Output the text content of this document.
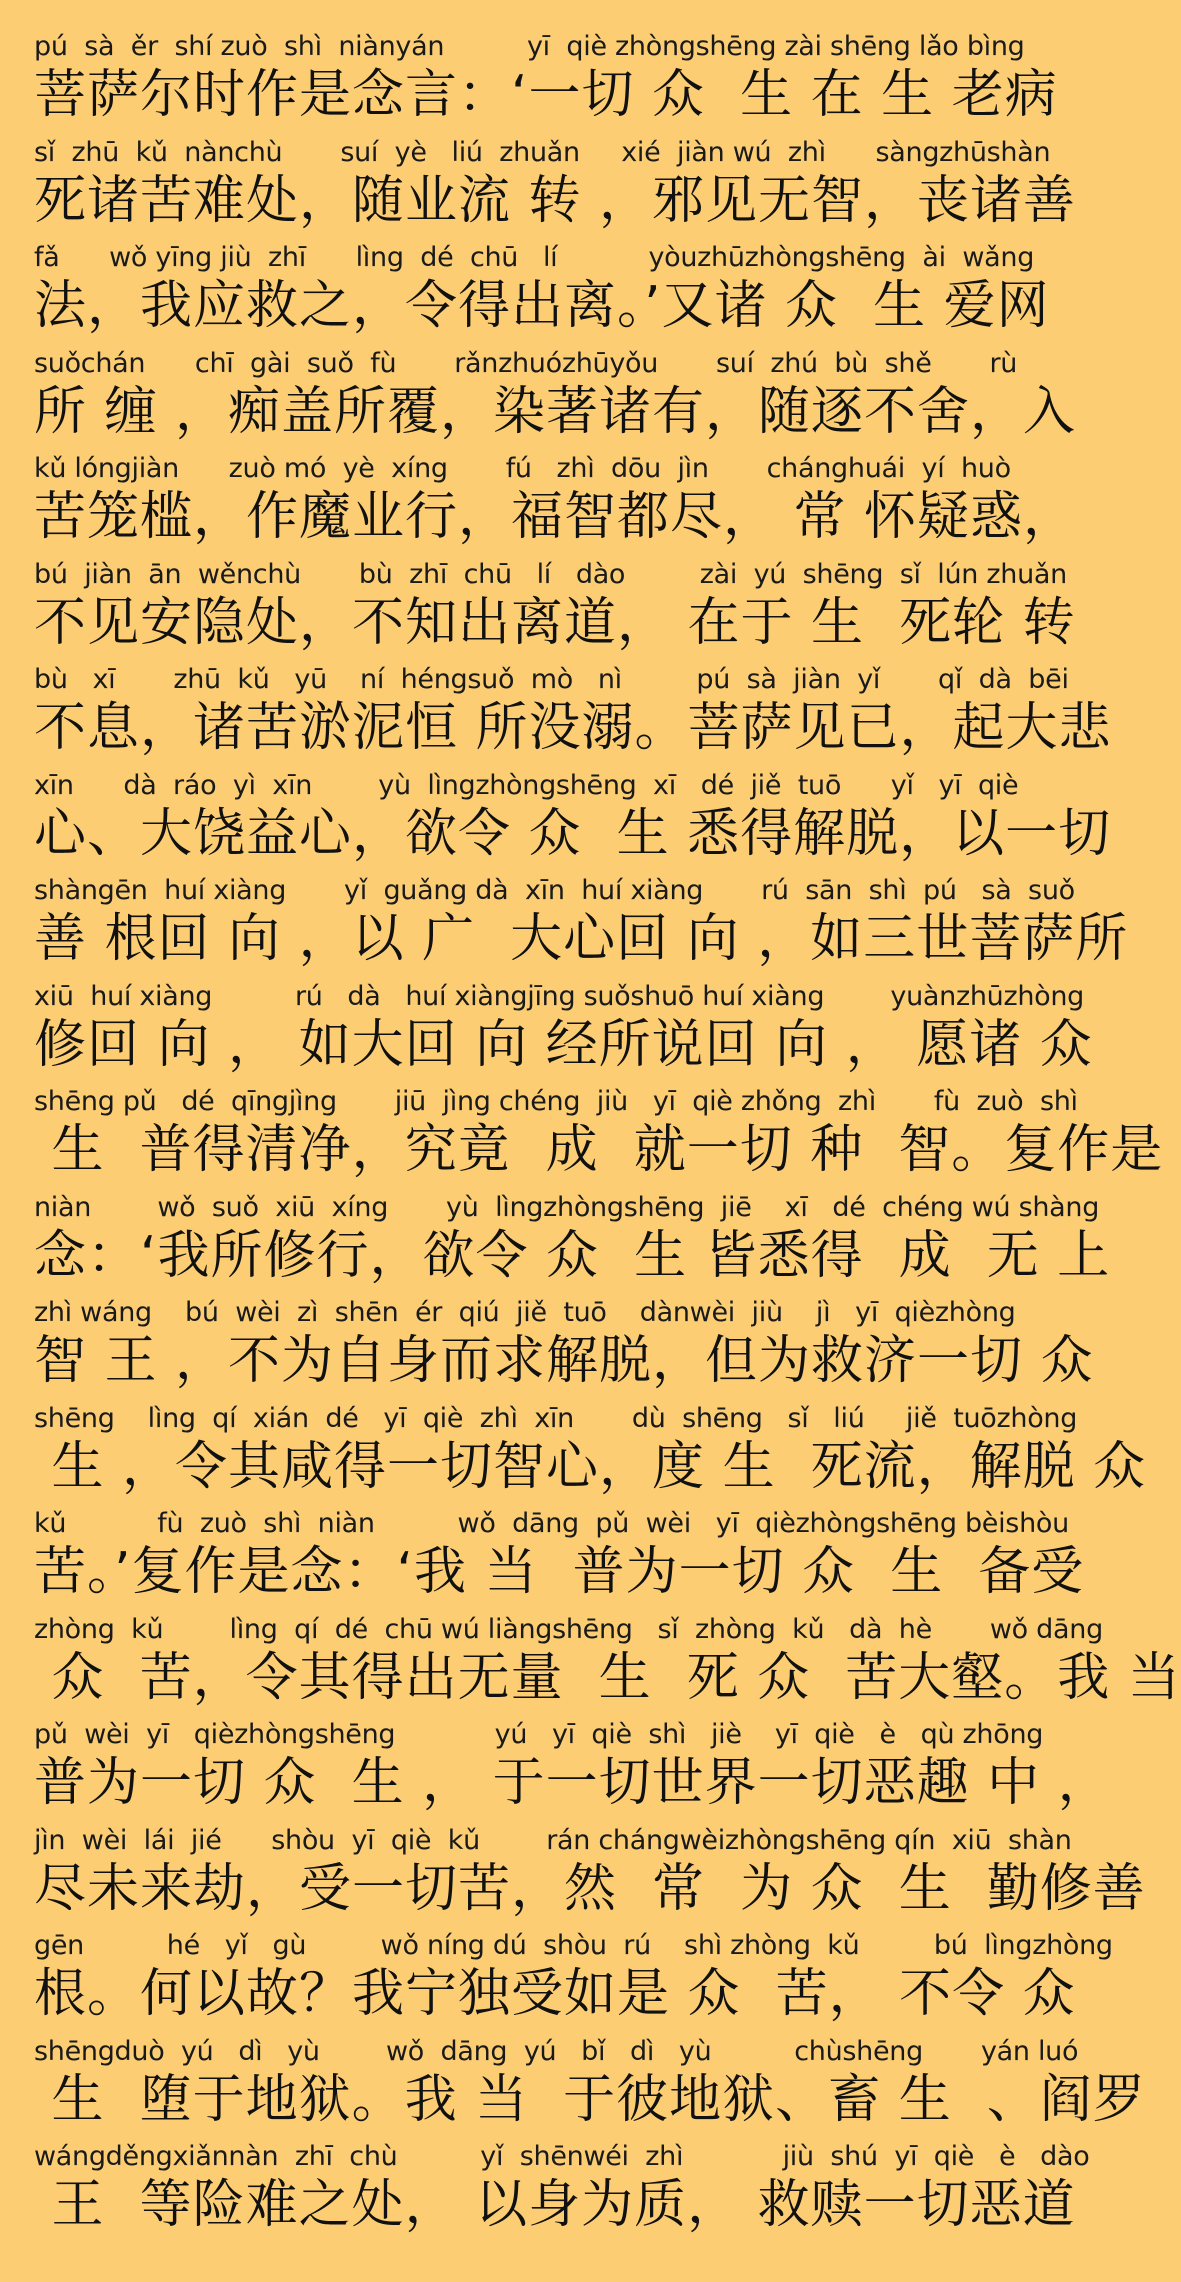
pú  sà  ěr  shí zuò  shì  niànyán          yī  qiè zhòngshēng zài shēng lǎo bìng
菩萨尔时作是念言：‘一切 众  生 在 生 老病
sǐ  zhū  kǔ  nànchù       suí  yè   liú  zhuǎn     xié  jiàn wú  zhì      sàngzhūshàn
死诸苦难处，随业流 转 ，邪见无智，丧诸善
fǎ      wǒ yīng jiù  zhī      lìng  dé  chū   lí           yòuzhūzhòngshēng  ài  wǎng
法，我应救之，令得出离。’又诸 众  生 爱网
suǒchán      chī  gài  suǒ  fù       rǎnzhuózhūyǒu       suí  zhú  bù  shě       rù
所 缠 ，痴盖所覆，染著诸有，随逐不舍，入
kǔ lóngjiàn      zuò mó  yè  xíng       fú   zhì  dōu  jìn       chánghuái  yí  huò
苦笼槛，作魔业行，福智都尽， 常 怀疑惑，
bú  jiàn  ān  wěnchù       bù  zhī  chū   lí   dào         zài  yú  shēng  sǐ  lún zhuǎn
不见安隐处，不知出离道， 在于 生  死轮 转
bù   xī       zhū  kǔ   yū    ní  héngsuǒ  mò   nì         pú  sà  jiàn  yǐ       qǐ  dà  bēi
不息，诸苦淤泥恒 所没溺。菩萨见已，起大悲
xīn      dà  ráo  yì  xīn        yù  lìngzhòngshēng  xī   dé  jiě  tuō      yǐ   yī  qiè
心、大饶益心，欲令 众  生 悉得解脱，以一切
shàngēn  huí xiàng       yǐ  guǎng dà  xīn  huí xiàng       rú  sān  shì  pú   sà  suǒ
善 根回 向 ，以 广  大心回 向 ，如三世菩萨所
xiū  huí xiàng          rú   dà   huí xiàngjīng suǒshuō huí xiàng        yuànzhūzhòng
修回 向 ， 如大回 向 经所说回 向 ， 愿诸 众
shēng pǔ   dé  qīngjìng       jiū  jìng chéng  jiù   yī  qiè zhǒng  zhì       fù  zuò  shì
生  普得清净，究竟  成  就一切 种  智。复作是
niàn        wǒ  suǒ  xiū  xíng       yù  lìngzhòngshēng  jiē    xī   dé  chéng wú shàng
念：‘我所修行，欲令 众  生 皆悉得  成  无 上
zhì wáng    bú  wèi  zì  shēn  ér  qiú  jiě  tuō    dànwèi  jiù    jì   yī  qièzhòng
智 王 ，不为自身而求解脱，但为救济一切 众
shēng    lìng  qí  xián  dé   yī  qiè  zhì  xīn       dù  shēng   sǐ   liú     jiě  tuōzhòng
生 ，令其咸得一切智心，度 生  死流，解脱 众
kǔ           fù  zuò  shì  niàn          wǒ  dāng  pǔ  wèi   yī  qièzhòngshēng bèishòu
苦。’复作是念：‘我 当  普为一切 众  生  备受
zhòng  kǔ        lìng  qí  dé  chū wú liàngshēng   sǐ  zhòng  kǔ   dà  hè       wǒ dāng
众  苦，令其得出无量  生  死 众  苦大壑。我 当
pǔ  wèi  yī   qièzhòngshēng            yú   yī  qiè  shì   jiè    yī  qiè   è   qù zhōng
普为一切 众  生 ， 于一切世界一切恶趣 中 ，
jìn  wèi  lái  jié      shòu  yī  qiè  kǔ        rán chángwèizhòngshēng qín  xiū  shàn
尽未来劫，受一切苦，然  常  为 众  生  勤修善
gēn          hé   yǐ   gù         wǒ níng dú  shòu  rú    shì zhòng  kǔ         bú  lìngzhòng
根。何以故？我宁独受如是 众  苦， 不令 众
shēngduò  yú   dì   yù        wǒ  dāng  yú   bǐ   dì   yù          chùshēng       yán luó
生  堕于地狱。我 当  于彼地狱、畜 生  、阎罗
wángděngxiǎnnàn  zhī  chù          yǐ  shēnwéi  zhì            jiù  shú  yī  qiè   è   dào
王  等险难之处， 以身为质， 救赎一切恶道
